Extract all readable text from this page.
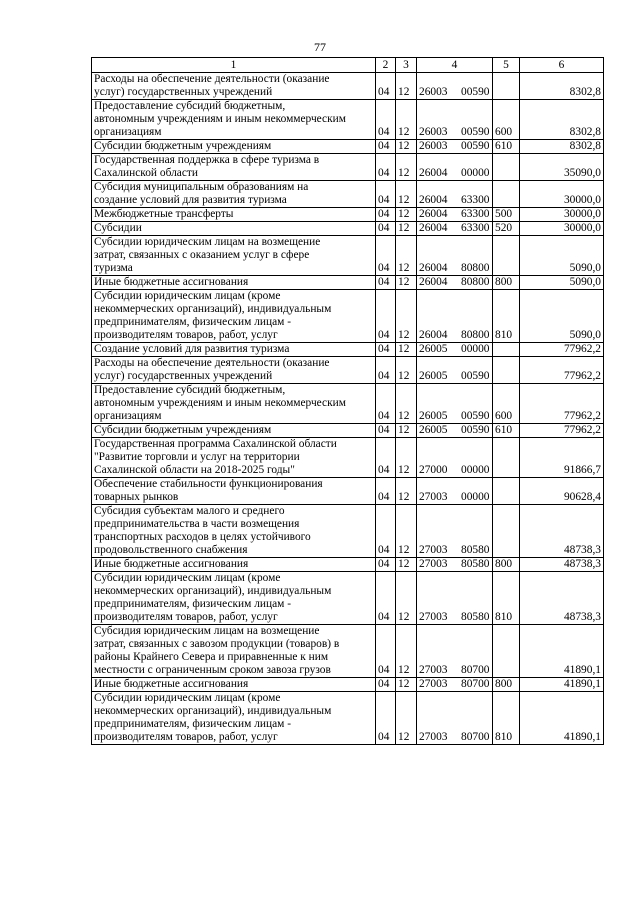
77
1	2	3	4	5	6

Расходы на обеспечение деятельности (оказание
услуг) государственных учреждений	04	12	26003 00590		8302,8

Предоставление субсидий бюджетным,
автономным учреждениям и иным некоммерческим
организациям	04	12	26003 00590	600	8302,8

Субсидии бюджетным учреждениям	04	12	26003 00590	610	8302,8

Государственная поддержка в сфере туризма в
Сахалинской области	04	12	26004 00000		35090,0

Субсидия муниципальным образованиям на
создание условий для развития туризма	04	12	26004 63300		30000,0

Межбюджетные трансферты	04	12	26004 63300	500	30000,0

Субсидии	04	12	26004 63300	520	30000,0

Субсидии юридическим лицам на возмещение
затрат, связанных с оказанием услуг в сфере
туризма	04	12	26004 80800		5090,0

Иные бюджетные ассигнования	04	12	26004 80800	800	5090,0

Субсидии юридическим лицам (кроме
некоммерческих организаций), индивидуальным
предпринимателям, физическим лицам -
производителям товаров, работ, услуг	04	12	26004 80800	810	5090,0

Создание условий для развития туризма	04	12	26005 00000		77962,2

Расходы на обеспечение деятельности (оказание
услуг) государственных учреждений	04	12	26005 00590		77962,2

Предоставление субсидий бюджетным,
автономным учреждениям и иным некоммерческим
организациям	04	12	26005 00590	600	77962,2

Субсидии бюджетным учреждениям	04	12	26005 00590	610	77962,2

Государственная программа Сахалинской области
"Развитие торговли и услуг на территории
Сахалинской области на 2018-2025 годы"	04	12	27000 00000		91866,7

Обеспечение стабильности функционирования
товарных рынков	04	12	27003 00000		90628,4

Субсидия субъектам малого и среднего
предпринимательства в части возмещения
транспортных расходов в целях устойчивого
продовольственного снабжения	04	12	27003 80580		48738,3

Иные бюджетные ассигнования	04	12	27003 80580	800	48738,3

Субсидии юридическим лицам (кроме
некоммерческих организаций), индивидуальным
предпринимателям, физическим лицам -
производителям товаров, работ, услуг	04	12	27003 80580	810	48738,3

Субсидия юридическим лицам на возмещение
затрат, связанных с завозом продукции (товаров) в
районы Крайнего Севера и приравненные к ним
местности с ограниченным сроком завоза грузов	04	12	27003 80700		41890,1

Иные бюджетные ассигнования	04	12	27003 80700	800	41890,1

Субсидии юридическим лицам (кроме
некоммерческих организаций), индивидуальным
предпринимателям, физическим лицам -
производителям товаров, работ, услуг	04	12	27003 80700	810	41890,1
